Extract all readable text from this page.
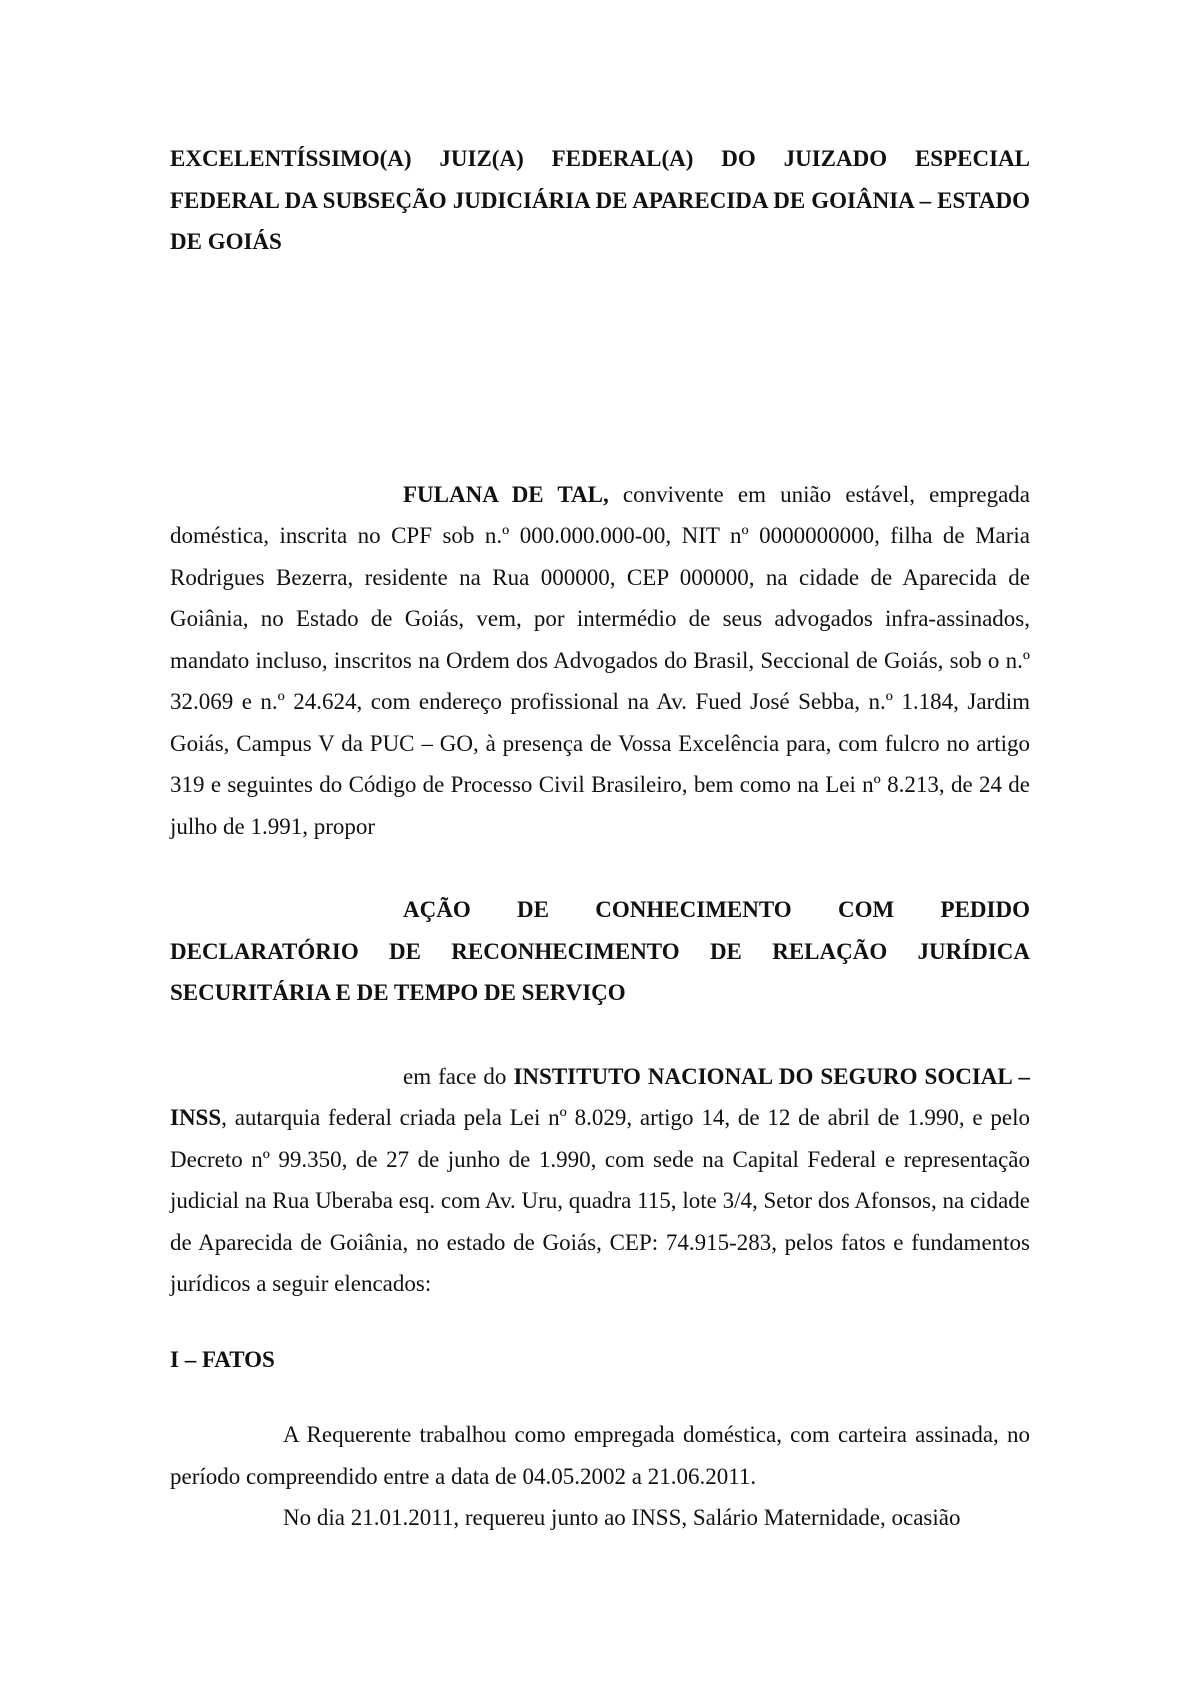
EXCELENTÍSSIMO(A) JUIZ(A) FEDERAL(A) DO JUIZADO ESPECIAL FEDERAL DA SUBSEÇÃO JUDICIÁRIA DE APARECIDA DE GOIÂNIA – ESTADO DE GOIÁS

FULANA DE TAL, convivente em união estável, empregada doméstica, inscrita no CPF sob n.º 000.000.000-00, NIT nº 0000000000, filha de Maria Rodrigues Bezerra, residente na Rua 000000, CEP 000000, na cidade de Aparecida de Goiânia, no Estado de Goiás, vem, por intermédio de seus advogados infra-assinados, mandato incluso, inscritos na Ordem dos Advogados do Brasil, Seccional de Goiás, sob o n.º 32.069 e n.º 24.624, com endereço profissional na Av. Fued José Sebba, n.º 1.184, Jardim Goiás, Campus V da PUC – GO, à presença de Vossa Excelência para, com fulcro no artigo 319 e seguintes do Código de Processo Civil Brasileiro, bem como na Lei nº 8.213, de 24 de julho de 1.991, propor

AÇÃO DE CONHECIMENTO COM PEDIDO DECLARATÓRIO DE RECONHECIMENTO DE RELAÇÃO JURÍDICA SECURITÁRIA E DE TEMPO DE SERVIÇO

em face do INSTITUTO NACIONAL DO SEGURO SOCIAL – INSS, autarquia federal criada pela Lei nº 8.029, artigo 14, de 12 de abril de 1.990, e pelo Decreto nº 99.350, de 27 de junho de 1.990, com sede na Capital Federal e representação judicial na Rua Uberaba esq. com Av. Uru, quadra 115, lote 3/4, Setor dos Afonsos, na cidade de Aparecida de Goiânia, no estado de Goiás, CEP: 74.915-283, pelos fatos e fundamentos jurídicos a seguir elencados:

I – FATOS

A Requerente trabalhou como empregada doméstica, com carteira assinada, no período compreendido entre a data de 04.05.2002 a 21.06.2011.

No dia 21.01.2011, requereu junto ao INSS, Salário Maternidade, ocasião
